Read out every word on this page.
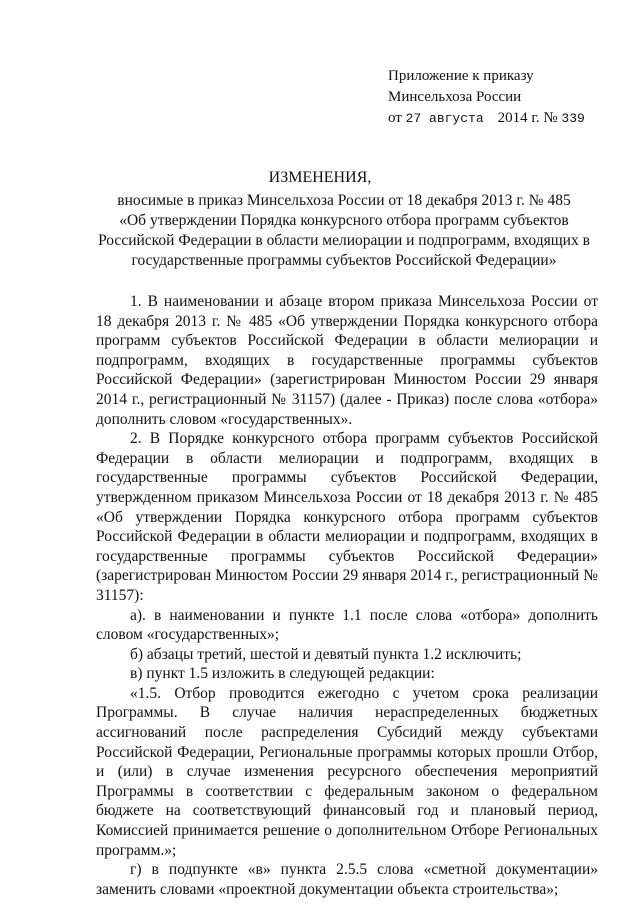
Приложение к приказу
Минсельхоза России
от 27 августа 2014 г. № 339
ИЗМЕНЕНИЯ,
вносимые в приказ Минсельхоза России от 18 декабря 2013 г. № 485
«Об утверждении Порядка конкурсного отбора программ субъектов
Российской Федерации в области мелиорации и подпрограмм, входящих в
государственные программы субъектов Российской Федерации»

1. В наименовании и абзаце втором приказа Минсельхоза России от 18 декабря 2013 г. № 485 «Об утверждении Порядка конкурсного отбора программ субъектов Российской Федерации в области мелиорации и подпрограмм, входящих в государственные программы субъектов Российской Федерации» (зарегистрирован Минюстом России 29 января 2014 г., регистрационный № 31157) (далее - Приказ) после слова «отбора» дополнить словом «государственных».

2. В Порядке конкурсного отбора программ субъектов Российской Федерации в области мелиорации и подпрограмм, входящих в государственные программы субъектов Российской Федерации, утвержденном приказом Минсельхоза России от 18 декабря 2013 г. № 485 «Об утверждении Порядка конкурсного отбора программ субъектов Российской Федерации в области мелиорации и подпрограмм, входящих в государственные программы субъектов Российской Федерации» (зарегистрирован Минюстом России 29 января 2014 г., регистрационный № 31157):

а). в наименовании и пункте 1.1 после слова «отбора» дополнить словом «государственных»;

б) абзацы третий, шестой и девятый пункта 1.2 исключить;

в) пункт 1.5 изложить в следующей редакции:

«1.5. Отбор проводится ежегодно с учетом срока реализации Программы. В случае наличия нераспределенных бюджетных ассигнований после распределения Субсидий между субъектами Российской Федерации, Региональные программы которых прошли Отбор, и (или) в случае изменения ресурсного обеспечения мероприятий Программы в соответствии с федеральным законом о федеральном бюджете на соответствующий финансовый год и плановый период, Комиссией принимается решение о дополнительном Отборе Региональных программ.»;

г) в подпункте «в» пункта 2.5.5 слова «сметной документации» заменить словами «проектной документации объекта строительства»;
